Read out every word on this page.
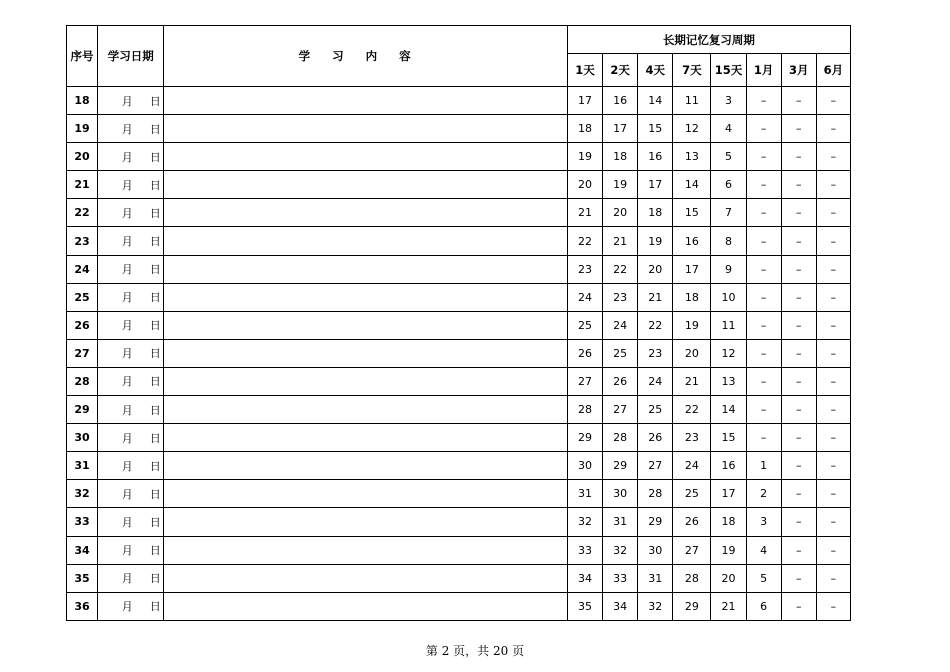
序号	学习日期	学习内容	长期记忆复习周期							
			1天	2天	4天	7天	15天	1月	3月	6月
18	月 日		17	16	14	11	3	–	–	–
19	月 日		18	17	15	12	4	–	–	–
20	月 日		19	18	16	13	5	–	–	–
21	月 日		20	19	17	14	6	–	–	–
22	月 日		21	20	18	15	7	–	–	–
23	月 日		22	21	19	16	8	–	–	–
24	月 日		23	22	20	17	9	–	–	–
25	月 日		24	23	21	18	10	–	–	–
26	月 日		25	24	22	19	11	–	–	–
27	月 日		26	25	23	20	12	–	–	–
28	月 日		27	26	24	21	13	–	–	–
29	月 日		28	27	25	22	14	–	–	–
30	月 日		29	28	26	23	15	–	–	–
31	月 日		30	29	27	24	16	1	–	–
32	月 日		31	30	28	25	17	2	–	–
33	月 日		32	31	29	26	18	3	–	–
34	月 日		33	32	30	27	19	4	–	–
35	月 日		34	33	31	28	20	5	–	–
36	月 日		35	34	32	29	21	6	–	–
第 2 页，共 20 页
